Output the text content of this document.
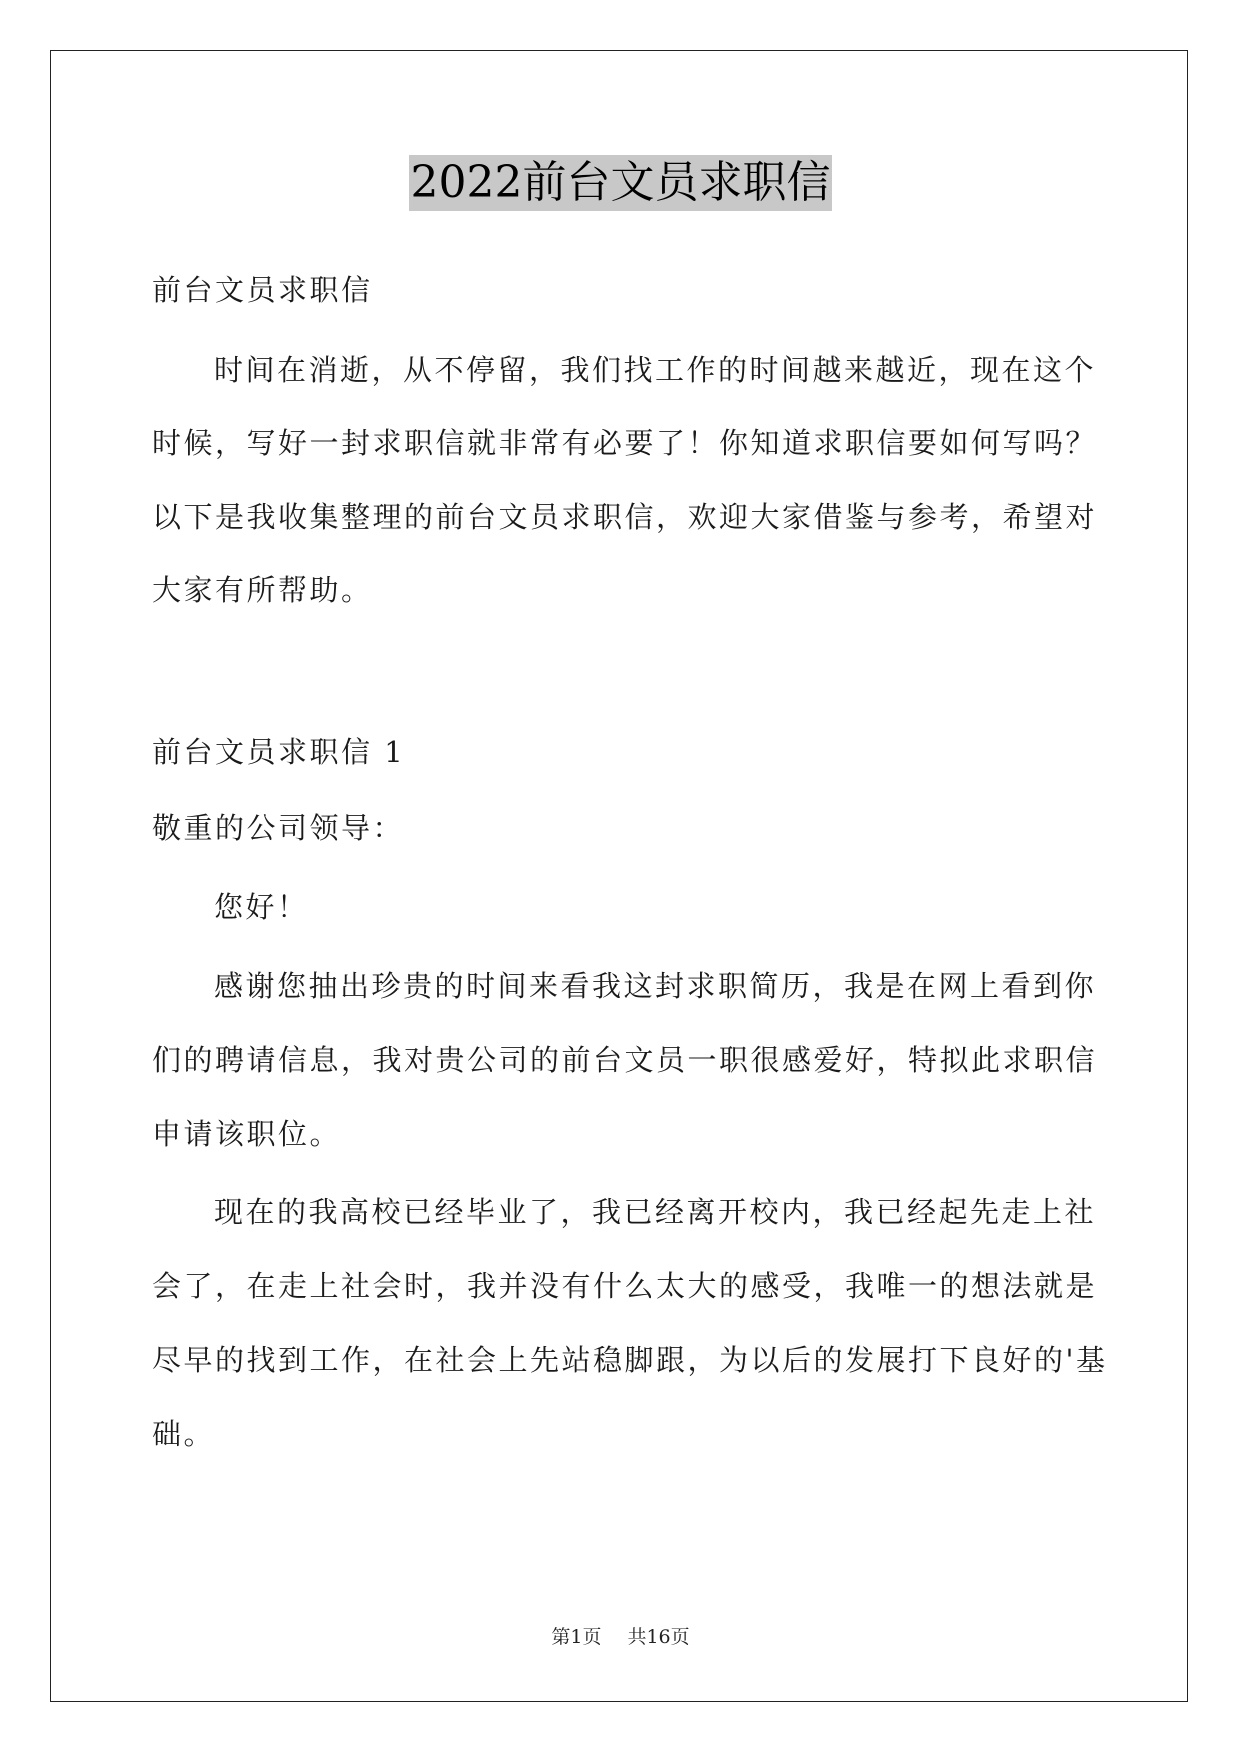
2022前台文员求职信
前台文员求职信
时间在消逝，从不停留，我们找工作的时间越来越近，现在这个
时候，写好一封求职信就非常有必要了！你知道求职信要如何写吗？
以下是我收集整理的前台文员求职信，欢迎大家借鉴与参考，希望对
大家有所帮助。
前台文员求职信 1
敬重的公司领导：
您好！
感谢您抽出珍贵的时间来看我这封求职简历，我是在网上看到你
们的聘请信息，我对贵公司的前台文员一职很感爱好，特拟此求职信
申请该职位。
现在的我高校已经毕业了，我已经离开校内，我已经起先走上社
会了，在走上社会时，我并没有什么太大的感受，我唯一的想法就是
尽早的找到工作，在社会上先站稳脚跟，为以后的发展打下良好的'基
础。
第1页 共16页
